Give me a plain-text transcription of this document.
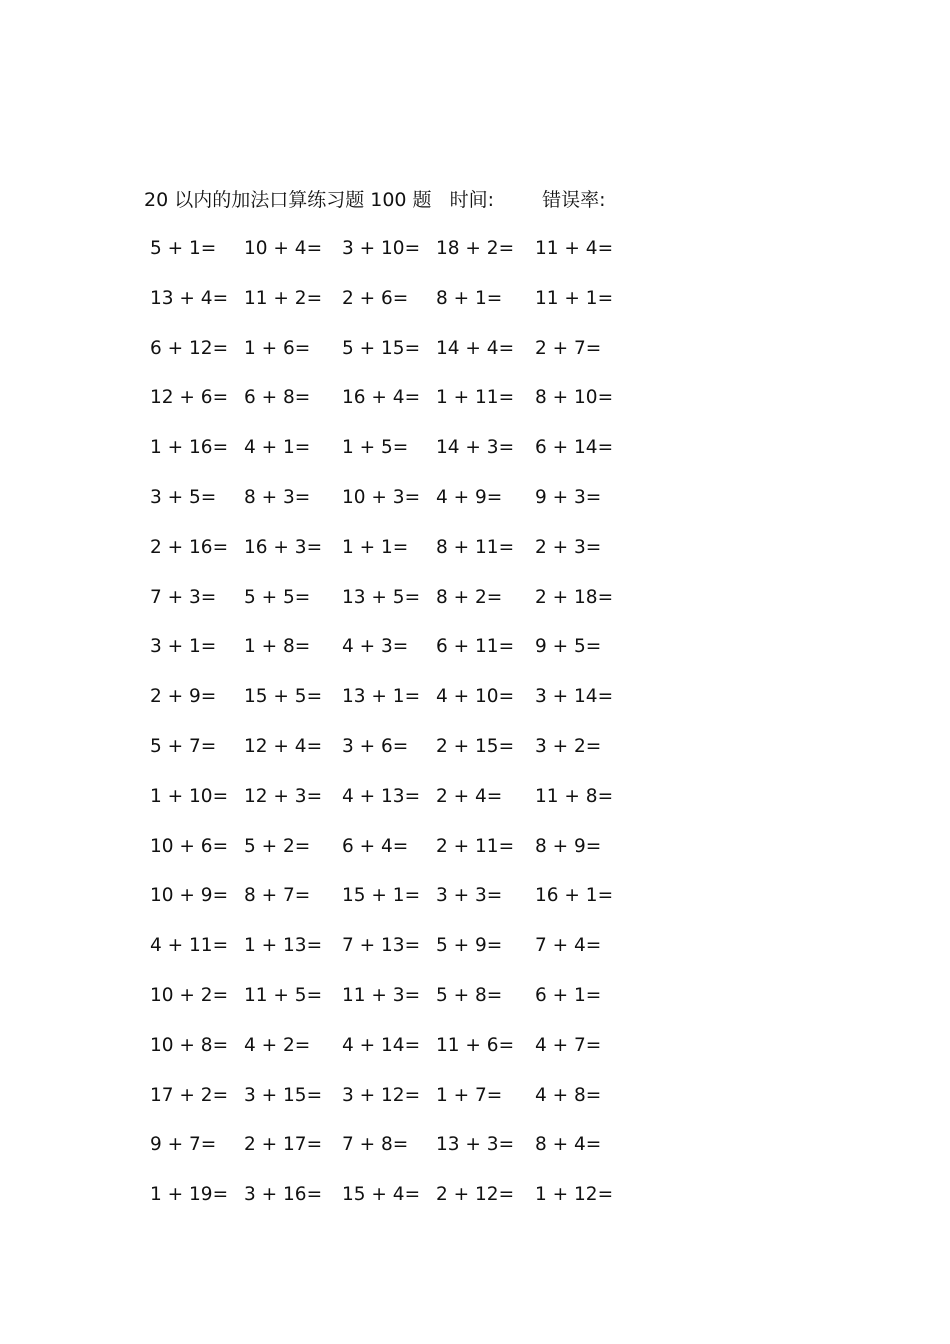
20 以内的加法口算练习题 100 题 时间:	错误率:
5 + 1= 10 + 4= 3 + 10= 18 + 2= 11 + 4=
13 + 4= 11 + 2= 2 + 6= 8 + 1= 11 + 1=
6 + 12= 1 + 6= 5 + 15= 14 + 4= 2 + 7=
12 + 6= 6 + 8= 16 + 4= 1 + 11= 8 + 10=
1 + 16= 4 + 1= 1 + 5= 14 + 3= 6 + 14=
3 + 5= 8 + 3= 10 + 3= 4 + 9= 9 + 3=
2 + 16= 16 + 3= 1 + 1= 8 + 11= 2 + 3=
7 + 3= 5 + 5= 13 + 5= 8 + 2= 2 + 18=
3 + 1= 1 + 8= 4 + 3= 6 + 11= 9 + 5=
2 + 9= 15 + 5= 13 + 1= 4 + 10= 3 + 14=
5 + 7= 12 + 4= 3 + 6= 2 + 15= 3 + 2=
1 + 10= 12 + 3= 4 + 13= 2 + 4= 11 + 8=
10 + 6= 5 + 2= 6 + 4= 2 + 11= 8 + 9=
10 + 9= 8 + 7= 15 + 1= 3 + 3= 16 + 1=
4 + 11= 1 + 13= 7 + 13= 5 + 9= 7 + 4=
10 + 2= 11 + 5= 11 + 3= 5 + 8= 6 + 1=
10 + 8= 4 + 2= 4 + 14= 11 + 6= 4 + 7=
17 + 2= 3 + 15= 3 + 12= 1 + 7= 4 + 8=
9 + 7= 2 + 17= 7 + 8= 13 + 3= 8 + 4=
1 + 19= 3 + 16= 15 + 4= 2 + 12= 1 + 12=
